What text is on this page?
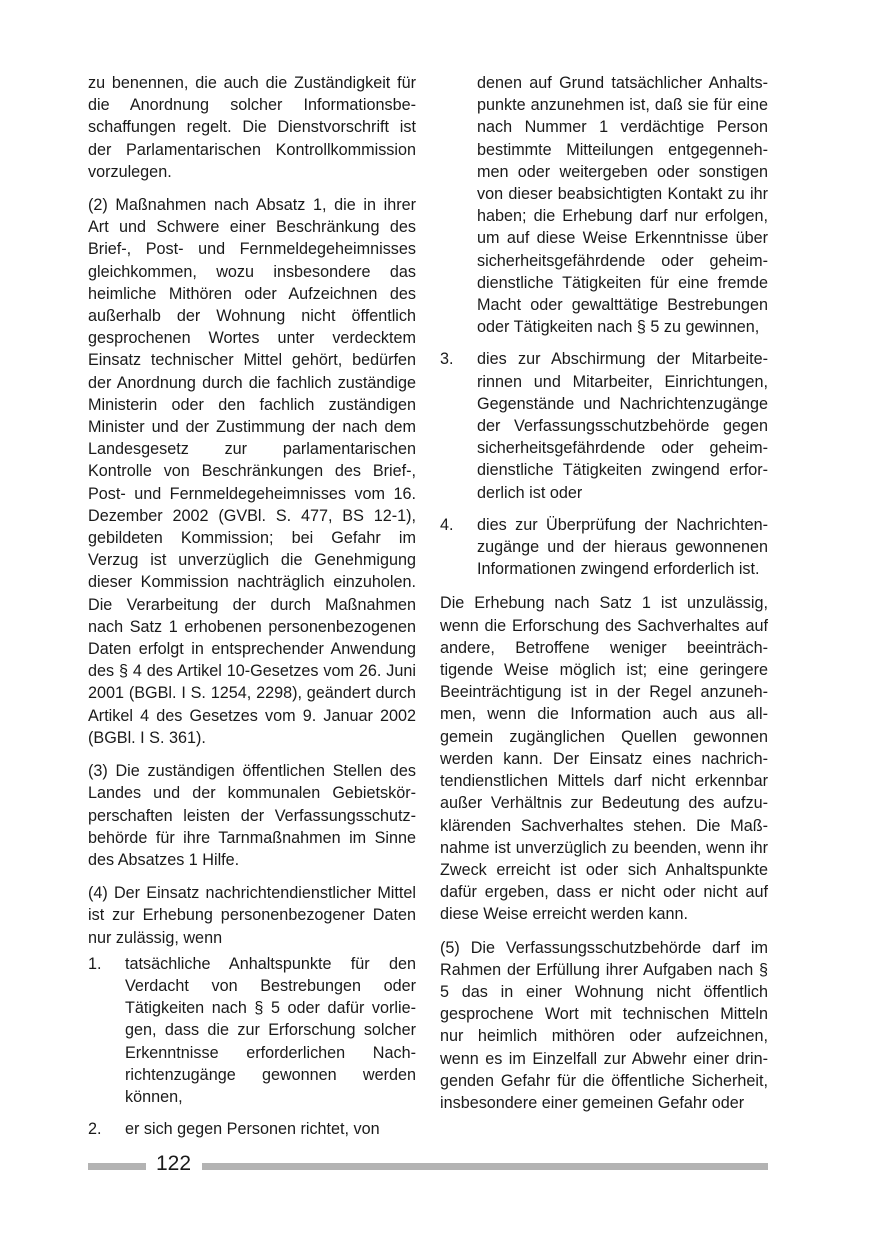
zu benennen, die auch die Zuständigkeit für die Anordnung solcher Informationsbeschaffungen regelt. Die Dienstvorschrift ist der Parlamentarischen Kontrollkommission vorzulegen.

(2) Maßnahmen nach Absatz 1, die in ihrer Art und Schwere einer Beschränkung des Brief-, Post- und Fernmeldegeheimnisses gleichkommen, wozu insbesondere das heimliche Mithören oder Aufzeichnen des außerhalb der Wohnung nicht öffentlich gesprochenen Wortes unter verdecktem Einsatz technischer Mittel gehört, bedürfen der Anordnung durch die fachlich zuständige Ministerin oder den fachlich zuständigen Minister und der Zustimmung der nach dem Landesgesetz zur parlamentarischen Kontrolle von Beschränkungen des Brief-, Post- und Fernmeldegeheimnisses vom 16. Dezember 2002 (GVBl. S. 477, BS 12-1), gebildeten Kommission; bei Gefahr im Verzug ist unverzüglich die Genehmigung dieser Kommission nachträglich einzuholen. Die Verarbeitung der durch Maßnahmen nach Satz 1 erhobenen personenbezogenen Daten erfolgt in entsprechender Anwendung des § 4 des Artikel 10-Gesetzes vom 26. Juni 2001 (BGBl. I S. 1254, 2298), geändert durch Artikel 4 des Gesetzes vom 9. Januar 2002 (BGBl. I S. 361).

(3) Die zuständigen öffentlichen Stellen des Landes und der kommunalen Gebietskörperschaften leisten der Verfassungsschutzbehörde für ihre Tarnmaßnahmen im Sinne des Absatzes 1 Hilfe.

(4) Der Einsatz nachrichtendienstlicher Mittel ist zur Erhebung personenbezogener Daten nur zulässig, wenn

1.	tatsächliche Anhaltspunkte für den Verdacht von Bestrebungen oder Tätigkeiten nach § 5 oder dafür vorliegen, dass die zur Erforschung solcher Erkenntnisse erforderlichen Nachrichtenzugänge gewonnen werden können,
2.	er sich gegen Personen richtet, von
denen auf Grund tatsächlicher Anhaltspunkte anzunehmen ist, daß sie für eine nach Nummer 1 verdächtige Person bestimmte Mitteilungen entgegennehmen oder weitergeben oder sonstigen von dieser beabsichtigten Kontakt zu ihr haben; die Erhebung darf nur erfolgen, um auf diese Weise Erkenntnisse über sicherheitsgefährdende oder geheimdienstliche Tätigkeiten für eine fremde Macht oder gewalttätige Bestrebungen oder Tätigkeiten nach § 5 zu gewinnen,
3.	dies zur Abschirmung der Mitarbeiterinnen und Mitarbeiter, Einrichtungen, Gegenstände und Nachrichtenzugänge der Verfassungsschutzbehörde gegen sicherheitsgefährdende oder geheimdienstliche Tätigkeiten zwingend erforderlich ist oder
4.	dies zur Überprüfung der Nachrichtenzugänge und der hieraus gewonnenen Informationen zwingend erforderlich ist.

Die Erhebung nach Satz 1 ist unzulässig, wenn die Erforschung des Sachverhaltes auf andere, Betroffene weniger beeinträchtigende Weise möglich ist; eine geringere Beeinträchtigung ist in der Regel anzunehmen, wenn die Information auch aus allgemein zugänglichen Quellen gewonnen werden kann. Der Einsatz eines nachrichtendienstlichen Mittels darf nicht erkennbar außer Verhältnis zur Bedeutung des aufzuklärenden Sachverhaltes stehen. Die Maßnahme ist unverzüglich zu beenden, wenn ihr Zweck erreicht ist oder sich Anhaltspunkte dafür ergeben, dass er nicht oder nicht auf diese Weise erreicht werden kann.

(5) Die Verfassungsschutzbehörde darf im Rahmen der Erfüllung ihrer Aufgaben nach § 5 das in einer Wohnung nicht öffentlich gesprochene Wort mit technischen Mitteln nur heimlich mithören oder aufzeichnen, wenn es im Einzelfall zur Abwehr einer dringenden Gefahr für die öffentliche Sicherheit, insbesondere einer gemeinen Gefahr oder

122
